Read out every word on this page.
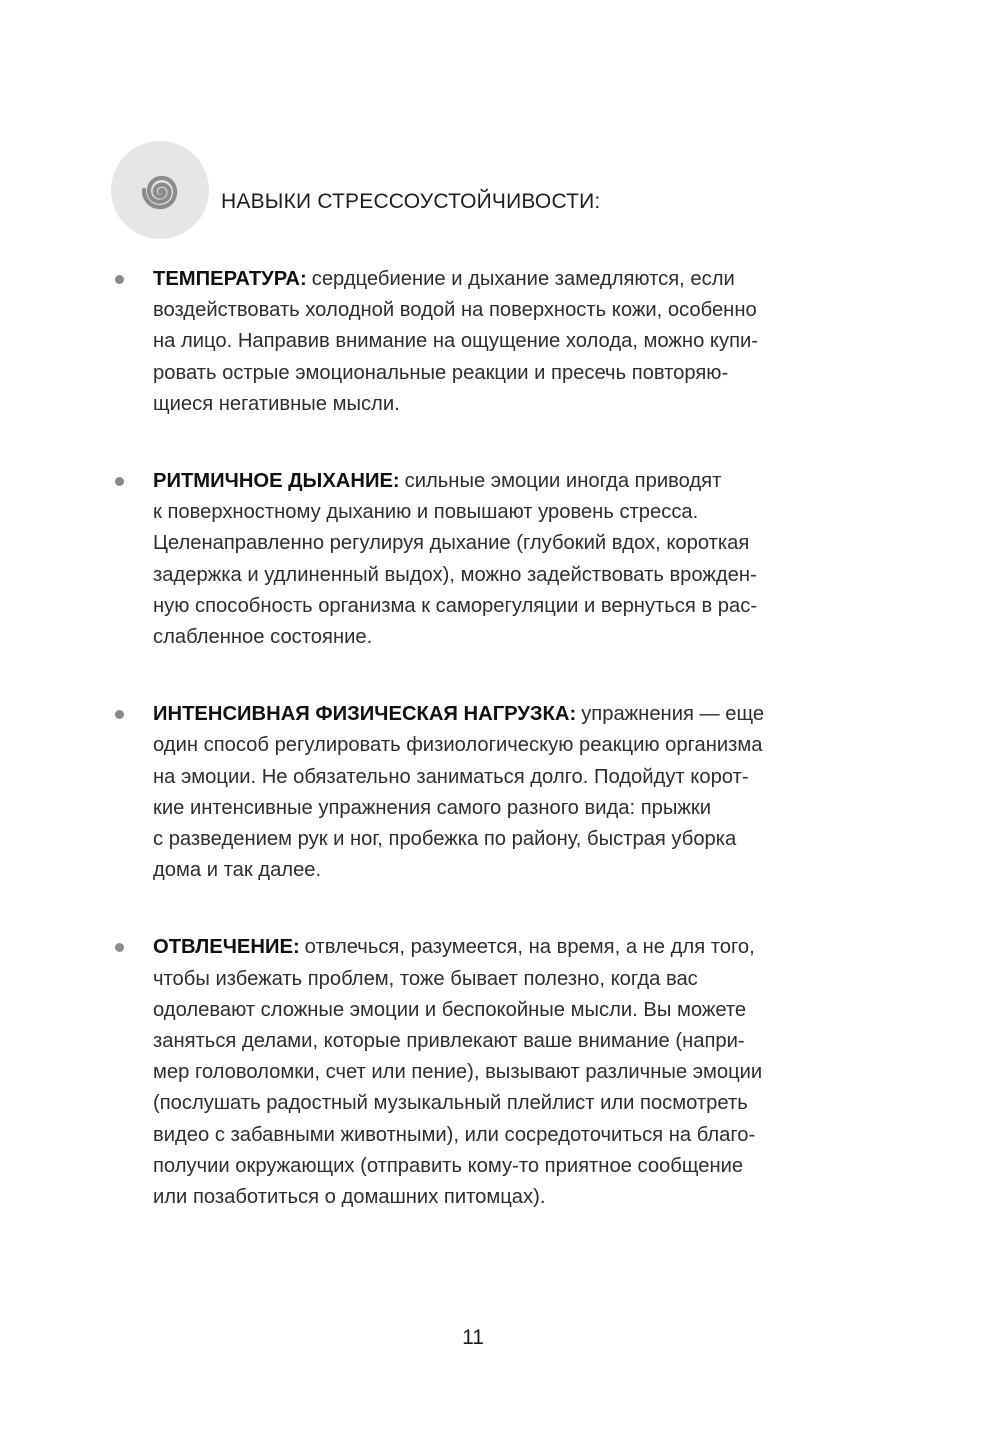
НАВЫКИ СТРЕССОУСТОЙЧИВОСТИ:
ТЕМПЕРАТУРА: сердцебиение и дыхание замедляются, если
воздействовать холодной водой на поверхность кожи, особенно
на лицо. Направив внимание на ощущение холода, можно купи-
ровать острые эмоциональные реакции и пресечь повторяю-
щиеся негативные мысли.
РИТМИЧНОЕ ДЫХАНИЕ: сильные эмоции иногда приводят
к поверхностному дыханию и повышают уровень стресса.
Целенаправленно регулируя дыхание (глубокий вдох, короткая
задержка и удлиненный выдох), можно задействовать врожден-
ную способность организма к саморегуляции и вернуться в рас-
слабленное состояние.
ИНТЕНСИВНАЯ ФИЗИЧЕСКАЯ НАГРУЗКА: упражнения — еще
один способ регулировать физиологическую реакцию организма
на эмоции. Не обязательно заниматься долго. Подойдут корот-
кие интенсивные упражнения самого разного вида: прыжки
с разведением рук и ног, пробежка по району, быстрая уборка
дома и так далее.
ОТВЛЕЧЕНИЕ: отвлечься, разумеется, на время, а не для того,
чтобы избежать проблем, тоже бывает полезно, когда вас
одолевают сложные эмоции и беспокойные мысли. Вы можете
заняться делами, которые привлекают ваше внимание (напри-
мер головоломки, счет или пение), вызывают различные эмоции
(послушать радостный музыкальный плейлист или посмотреть
видео с забавными животными), или сосредоточиться на благо-
получии окружающих (отправить кому-то приятное сообщение
или позаботиться о домашних питомцах).
11
